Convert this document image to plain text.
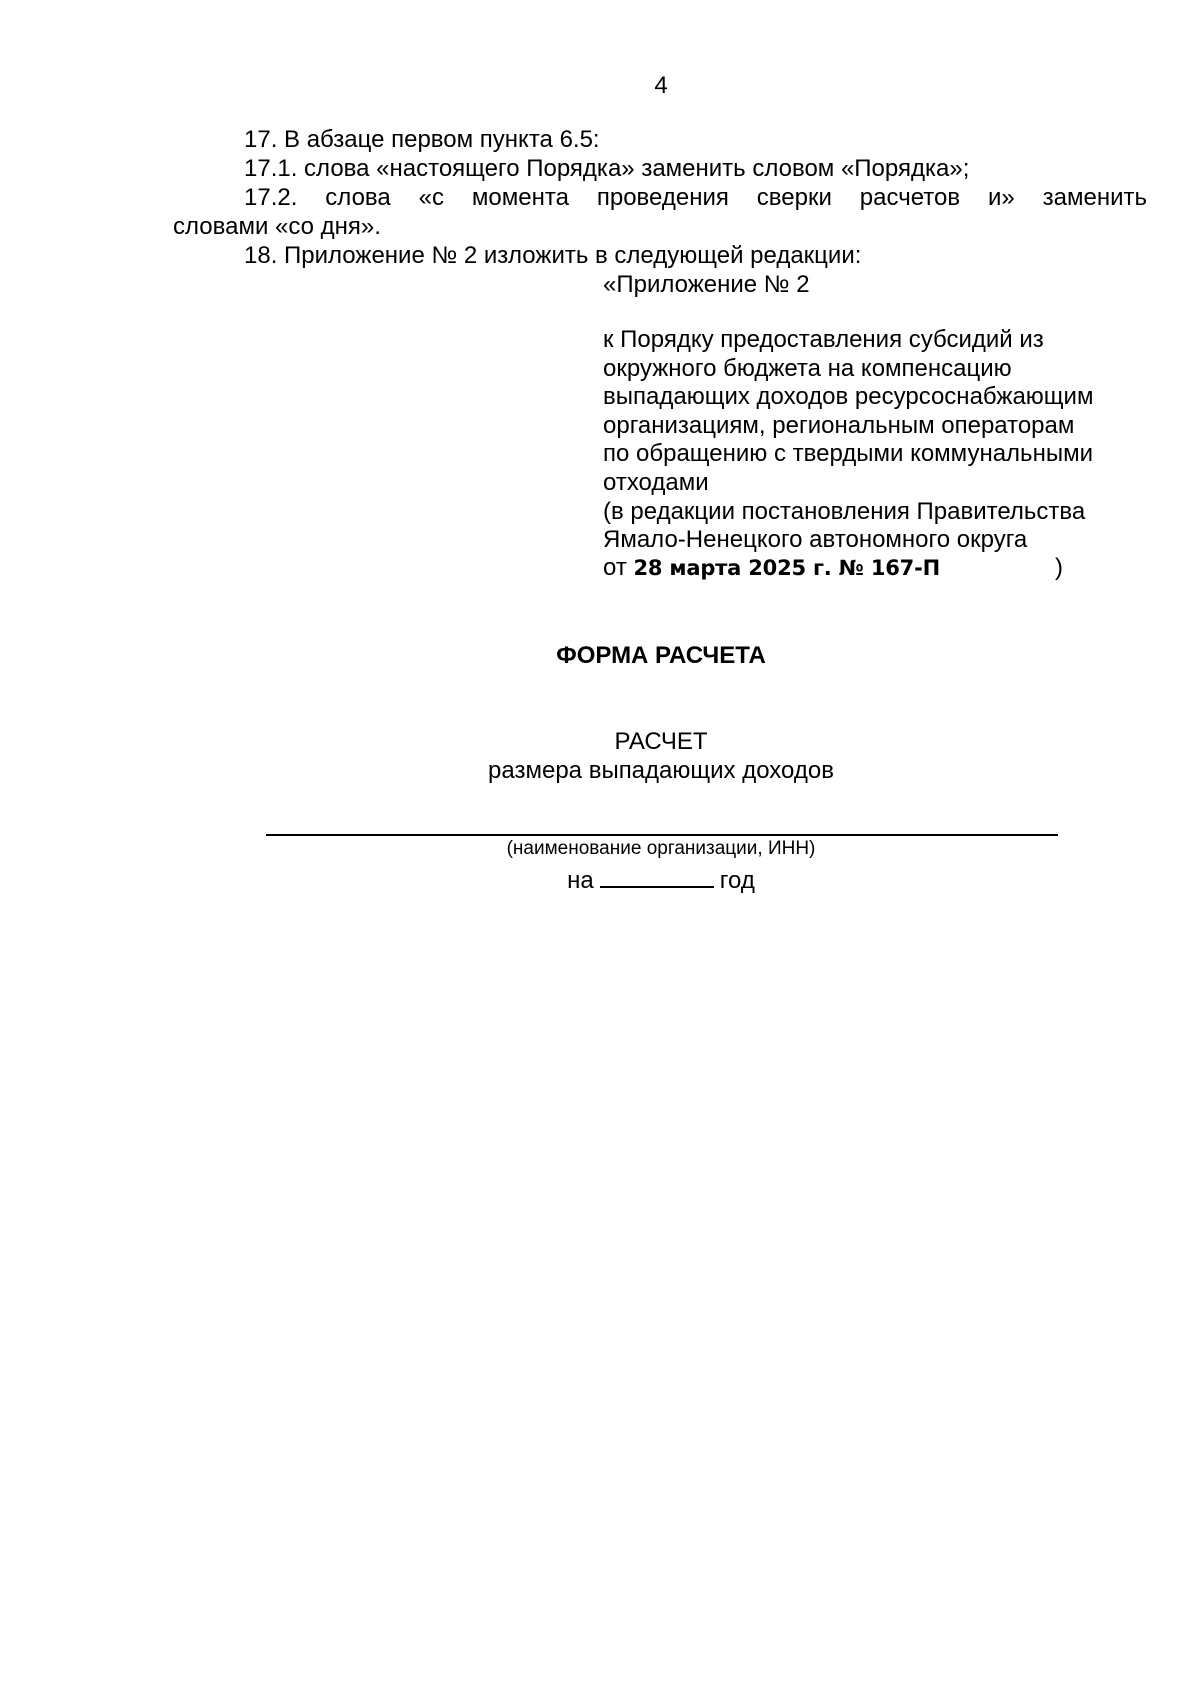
4
17. В абзаце первом пункта 6.5:
17.1. слова «настоящего Порядка» заменить словом «Порядка»;
17.2. слова «с момента проведения сверки расчетов и» заменить
словами «со дня».
18. Приложение № 2 изложить в следующей редакции:
«Приложение № 2
к Порядку предоставления субсидий из
окружного бюджета на компенсацию
выпадающих доходов ресурсоснабжающим
организациям, региональным операторам
по обращению с твердыми коммунальными
отходами
(в редакции постановления Правительства
Ямало-Ненецкого автономного округа
от 28 марта 2025 г. № 167-П	)
ФОРМА РАСЧЕТА
РАСЧЕТ
размера выпадающих доходов
(наименование организации, ИНН)
на	год
